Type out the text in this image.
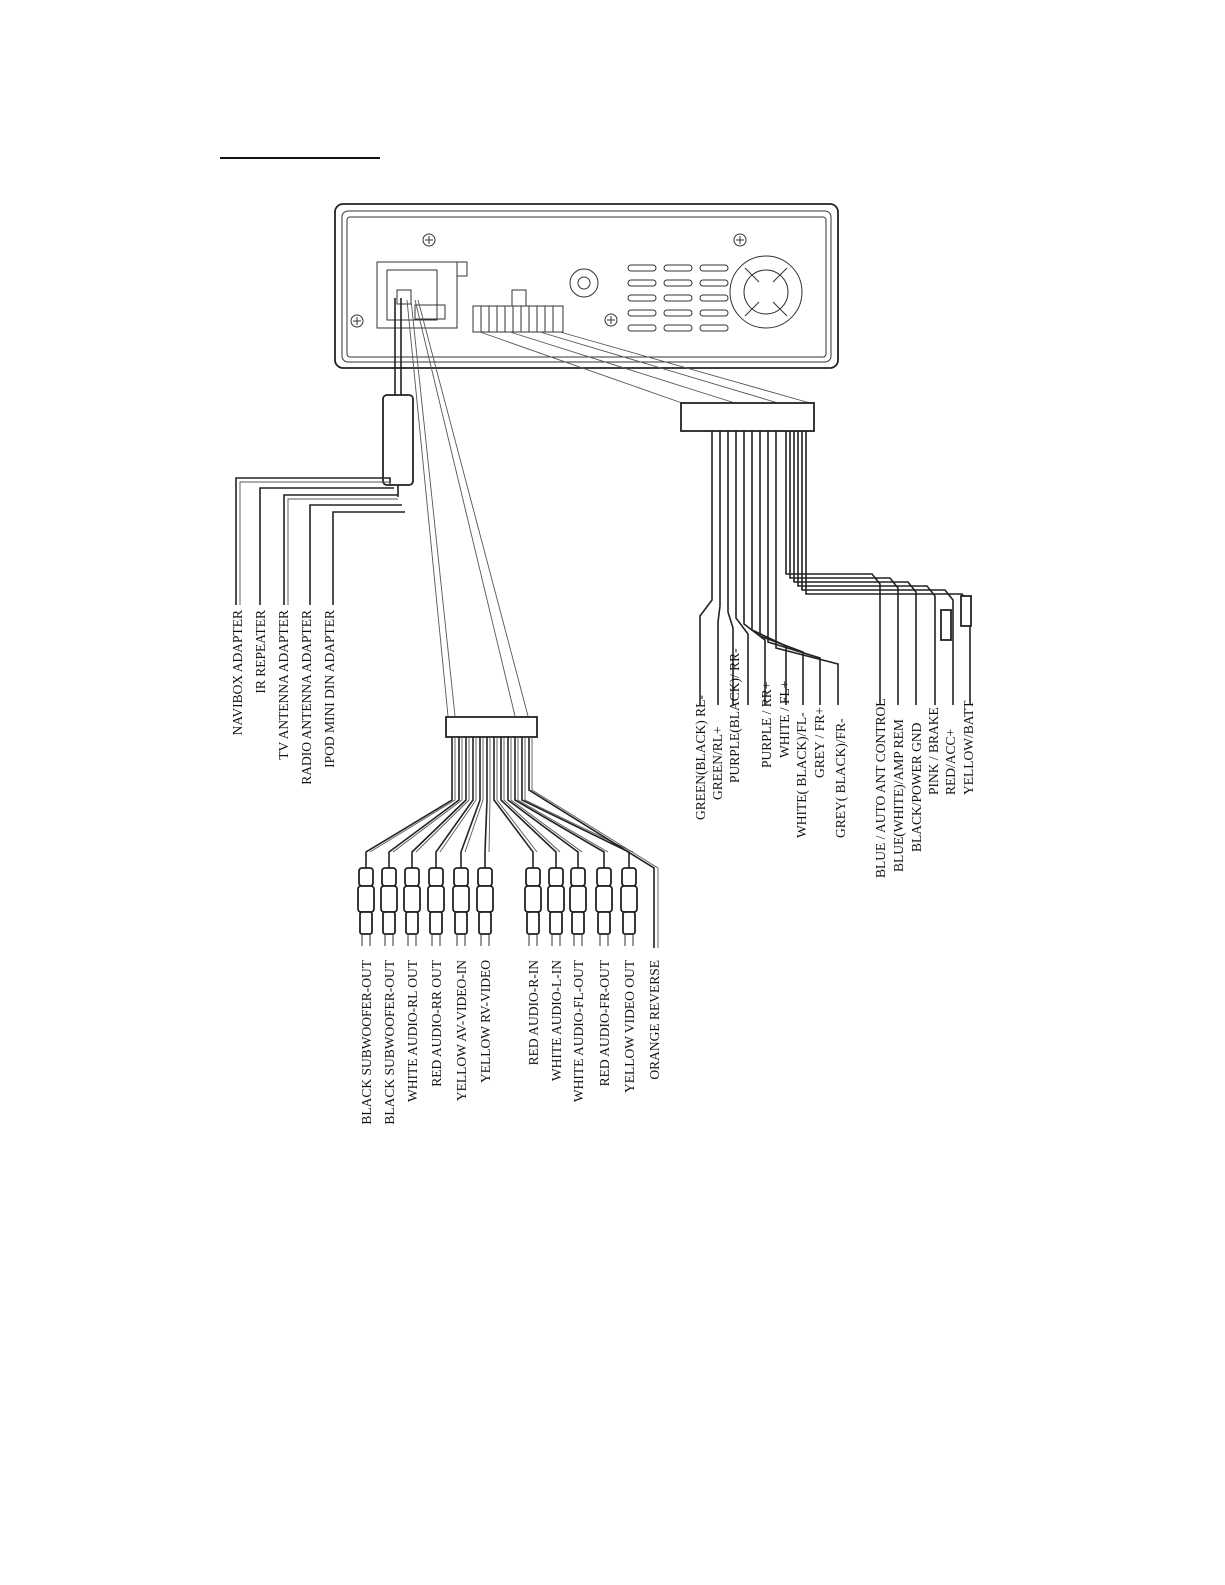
NAVIBOX ADAPTER IR REPEATER TV ANTENNA ADAPTER RADIO ANTENNA ADAPTER IPOD MINI DIN ADAPTER
BLACK SUBWOOFER-OUT BLACK SUBWOOFER-OUT WHITE AUDIO-RL OUT RED AUDIO-RR OUT YELLOW AV-VIDEO-IN YELLOW RV-VIDEO RED AUDIO-R-IN WHITE AUDIO-L-IN WHITE AUDIO-FL-OUT RED AUDIO-FR-OUT YELLOW VIDEO OUT ORANGE REVERSE
GREEN(BLACK) RL- GREEN/RL+ PURPLE(BLACK)/ RR- PURPLE / RR+ WHITE / FL+ WHITE( BLACK)/FL- GREY / FR+ GREY( BLACK)/FR- BLUE / AUTO ANT CONTROL BLUE(WHITE)/AMP REM BLACK/POWER GND PINK / BRAKE RED/ACC+ YELLOW/BATT
